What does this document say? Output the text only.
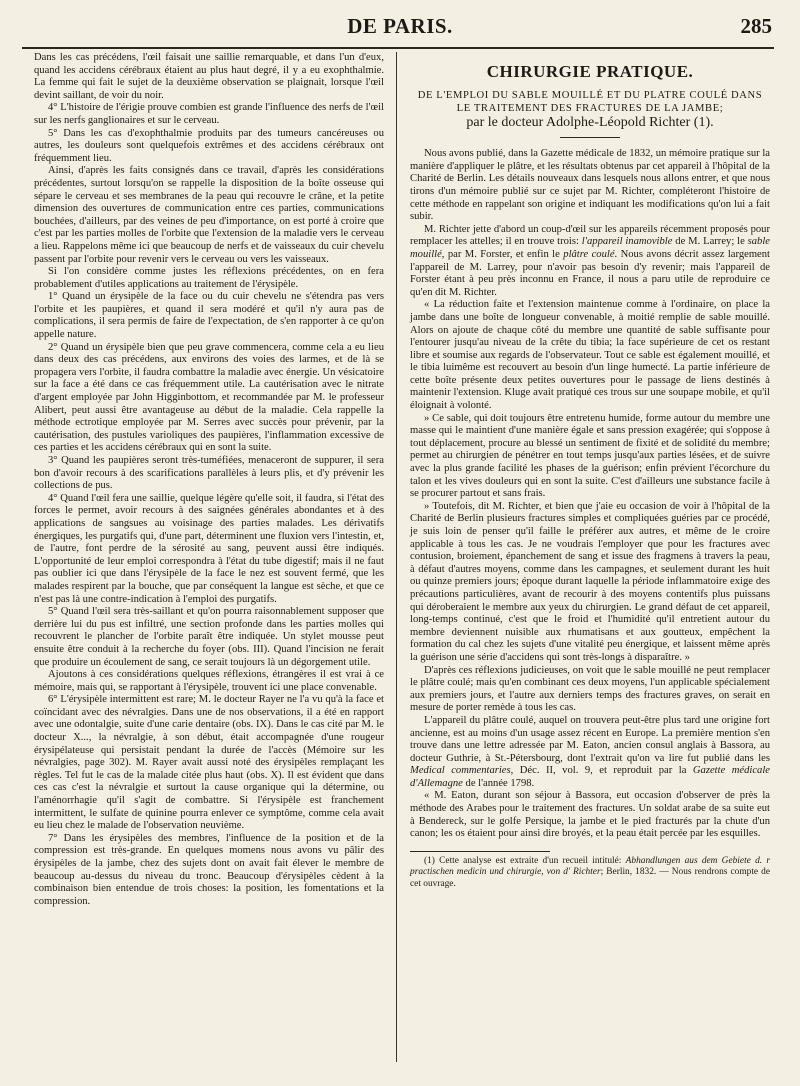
DE PARIS.	285

Dans les cas précédens, l'œil faisait une saillie remarquable, et dans l'un d'eux, quand les accidens cérébraux étaient au plus haut degré, il y a eu exophthalmie. La femme qui fait le sujet de la deuxième observation se plaignait, lorsque l'œil devint saillant, de voir du noir.

4° L'histoire de l'érigie prouve combien est grande l'influence des nerfs de l'œil sur les nerfs ganglionaires et sur le cerveau.

5° Dans les cas d'exophthalmie produits par des tumeurs cancéreuses ou autres, les douleurs sont quelquefois extrêmes et des accidens cérébraux ont fréquemment lieu.

Ainsi, d'après les faits consignés dans ce travail, d'après les considérations précédentes, surtout lorsqu'on se rappelle la disposition de la boîte osseuse qui sépare le cerveau et ses membranes de la peau qui recouvre le crâne, et la petite dimension des ouvertures de communication entre ces parties, communications bouchées, d'ailleurs, par des veines de peu d'importance, on est porté à croire que c'est par les parties molles de l'orbite que l'extension de la maladie vers le cerveau a lieu. Rappelons même ici que beaucoup de nerfs et de vaisseaux du cuir chevelu passent par l'orbite pour revenir vers le cerveau ou vers les vaisseaux.

Si l'on considère comme justes les réflexions précédentes, on en fera probablement d'utiles applications au traitement de l'érysipèle.

1° Quand un érysipèle de la face ou du cuir chevelu ne s'étendra pas vers l'orbite et les paupières, et quand il sera modéré et qu'il n'y aura pas de complications, il sera permis de faire de l'expectation, de s'en rapporter à ce qu'on appelle nature.

2° Quand un érysipèle bien que peu grave commencera, comme cela a eu lieu dans deux des cas précédens, aux environs des voies des larmes, et de là se propagera vers l'orbite, il faudra combattre la maladie avec énergie. Un vésicatoire sur la face a été dans ce cas fréquemment utile. La cautérisation avec le nitrate d'argent employée par John Higginbottom, et recommandée par M. le professeur Alibert, peut aussi être avantageuse au début de la maladie. Cela rappelle la méthode ectrotique employée par M. Serres avec succès pour prévenir, par la cautérisation, des pustules varioliques des paupières, l'inflammation excessive de ces parties et les accidens cérébraux qui en sont la suite.

3° Quand les paupières seront très-tuméfiées, menaceront de suppurer, il sera bon d'avoir recours à des scarifications parallèles à leurs plis, et d'y prévenir les collections de pus.

4° Quand l'œil fera une saillie, quelque légère qu'elle soit, il faudra, si l'état des forces le permet, avoir recours à des saignées générales abondantes et à des applications de sangsues au voisinage des parties malades. Les dérivatifs énergiques, les purgatifs qui, d'une part, déterminent une fluxion vers l'intestin, et, de l'autre, font perdre de la sérosité au sang, peuvent aussi être indiqués. L'opportunité de leur emploi correspondra à l'état du tube digestif; mais il ne faut pas oublier ici que dans l'érysipèle de la face le nez est souvent fermé, que les malades respirent par la bouche, que par conséquent la langue est sèche, et que ce n'est pas là une contre-indication à l'emploi des purgatifs.

5° Quand l'œil sera très-saillant et qu'on pourra raisonnablement supposer que derrière lui du pus est infiltré, une section profonde dans les parties molles qui recouvrent le plancher de l'orbite paraît être indiquée. Un stylet mousse peut ensuite être conduit à la recherche du foyer (obs. III). Quand l'incision ne ferait que produire un écoulement de sang, ce serait toujours là un dégorgement utile.

Ajoutons à ces considérations quelques réflexions, étrangères il est vrai à ce mémoire, mais qui, se rapportant à l'érysipèle, trouvent ici une place convenable.

6° L'érysipèle intermittent est rare; M. le docteur Rayer ne l'a vu qu'à la face et coïncidant avec des névralgies. Dans une de nos observations, il a été en rapport avec une odontalgie, suite d'une carie dentaire (obs. IX). Dans le cas cité par M. le docteur X..., la névralgie, à son début, était accompagnée d'une rougeur érysipélateuse qui persistait pendant la durée de l'accès (Mémoire sur les névralgies, page 302). M. Rayer avait aussi noté des érysipèles remplaçant les règles. Tel fut le cas de la malade citée plus haut (obs. X). Il est évident que dans ces cas c'est la névralgie et surtout la cause organique qui la détermine, ou l'aménorrhagie qu'il s'agit de combattre. Si l'érysipèle est franchement intermittent, le sulfate de quinine pourra enlever ce symptôme, comme cela avait eu lieu chez le malade de l'observation neuvième.

7° Dans les érysipèles des membres, l'influence de la position et de la compression est très-grande. En quelques momens nous avons vu pâlir des érysipèles de la jambe, chez des sujets dont on avait fait élever le membre de beaucoup au-dessus du niveau du tronc. Beaucoup d'érysipèles cèdent à la combinaison bien entendue de trois choses: la position, les fomentations et la compression.

CHIRURGIE PRATIQUE.
DE L'EMPLOI DU SABLE MOUILLÉ ET DU PLATRE COULÉ DANS LE TRAITEMENT DES FRACTURES DE LA JAMBE;
par le docteur Adolphe-Léopold Richter (1).

Nous avons publié, dans la Gazette médicale de 1832, un mémoire pratique sur la manière d'appliquer le plâtre, et les résultats obtenus par cet appareil à l'hôpital de la Charité de Berlin. Les détails nouveaux dans lesquels nous allons entrer, et que nous tirons d'un mémoire publié sur ce sujet par M. Richter, compléteront l'histoire de cette méthode en rappelant son origine et indiquant les modifications qu'on lui a fait subir.

M. Richter jette d'abord un coup-d'œil sur les appareils récemment proposés pour remplacer les attelles; il en trouve trois: l'appareil inamovible de M. Larrey; le sable mouillé, par M. Forster, et enfin le plâtre coulé. Nous avons décrit assez largement l'appareil de M. Larrey, pour n'avoir pas besoin d'y revenir; mais l'appareil de Forster étant à peu près inconnu en France, il nous a paru utile de reproduire ce qu'en dit M. Richter.

« La réduction faite et l'extension maintenue comme à l'ordinaire, on place la jambe dans une boîte de longueur convenable, à moitié remplie de sable mouillé. Alors on ajoute de chaque côté du membre une quantité de sable suffisante pour l'entourer jusqu'au niveau de la crête du tibia; la face supérieure de cet os restant libre et soumise aux regards de l'observateur. Tout ce sable est également mouillé, et le tibia luimême est recouvert au besoin d'un linge humecté. La partie inférieure de cette boîte présente deux petites ouvertures pour le passage de liens destinés à maintenir l'extension. Kluge avait pratiqué ces trous sur une soupape mobile, et qu'il éloignait à volonté.

» Ce sable, qui doit toujours être entretenu humide, forme autour du membre une masse qui le maintient d'une manière égale et sans pression exagérée; qui s'oppose à tout déplacement, procure au blessé un sentiment de fixité et de solidité du membre; permet au chirurgien de pénétrer en tout temps jusqu'aux parties lésées, et de suivre avec la plus grande facilité les phases de la guérison; enfin prévient l'écorchure du talon et les vives douleurs qui en sont la suite. C'est d'ailleurs une substance facile à se procurer partout et sans frais.

» Toutefois, dit M. Richter, et bien que j'aie eu occasion de voir à l'hôpital de la Charité de Berlin plusieurs fractures simples et compliquées guéries par ce procédé, je suis loin de penser qu'il faille le préférer aux autres, et même de le croire applicable à tous les cas. Je ne voudrais l'employer que pour les fractures avec contusion, broiement, épanchement de sang et issue des fragmens à travers la peau, à défaut d'autres moyens, comme dans les campagnes, et seulement durant les huit ou quinze premiers jours; époque durant laquelle la période inflammatoire exige des précautions particulières, avant de recourir à des moyens contentifs plus puissans qui déroberaient le membre aux yeux du chirurgien. Le grand défaut de cet appareil, long-temps continué, c'est que le froid et l'humidité qu'il entretient autour du membre deviennent nuisible aux rhumatisans et aux goutteux, empêchent la formation du cal chez les sujets d'une vitalité peu énergique, et laissent même après la guérison une série d'accidens qui sont très-longs à disparaître. »

D'après ces réflexions judicieuses, on voit que le sable mouillé ne peut remplacer le plâtre coulé; mais qu'en combinant ces deux moyens, l'un applicable spécialement aux premiers jours, et l'autre aux derniers temps des fractures graves, on serait en mesure de porter remède à tous les cas.

L'appareil du plâtre coulé, auquel on trouvera peut-être plus tard une origine fort ancienne, est au moins d'un usage assez récent en Europe. La première mention s'en trouve dans une lettre adressée par M. Eaton, ancien consul anglais à Bassora, au docteur Guthrie, à St.-Pétersbourg, dont l'extrait qu'on va lire fut publié dans les Medical commentaries, Déc. II, vol. 9, et reproduit par la Gazette médicale d'Allemagne de l'année 1798.

« M. Eaton, durant son séjour à Bassora, eut occasion d'observer de près la méthode des Arabes pour le traitement des fractures. Un soldat arabe de sa suite eut à Bendereck, sur le golfe Persique, la jambe et le pied fracturés par la chute d'un canon; les os étaient pour ainsi dire broyés, et la peau était percée par les esquilles.

(1) Cette analyse est extraite d'un recueil intitulé: Abhandlungen aus dem Gebiete d. r practischen medicin und chirurgie, von d' Richter; Berlin, 1832. — Nous rendrons compte de cet ouvrage.
